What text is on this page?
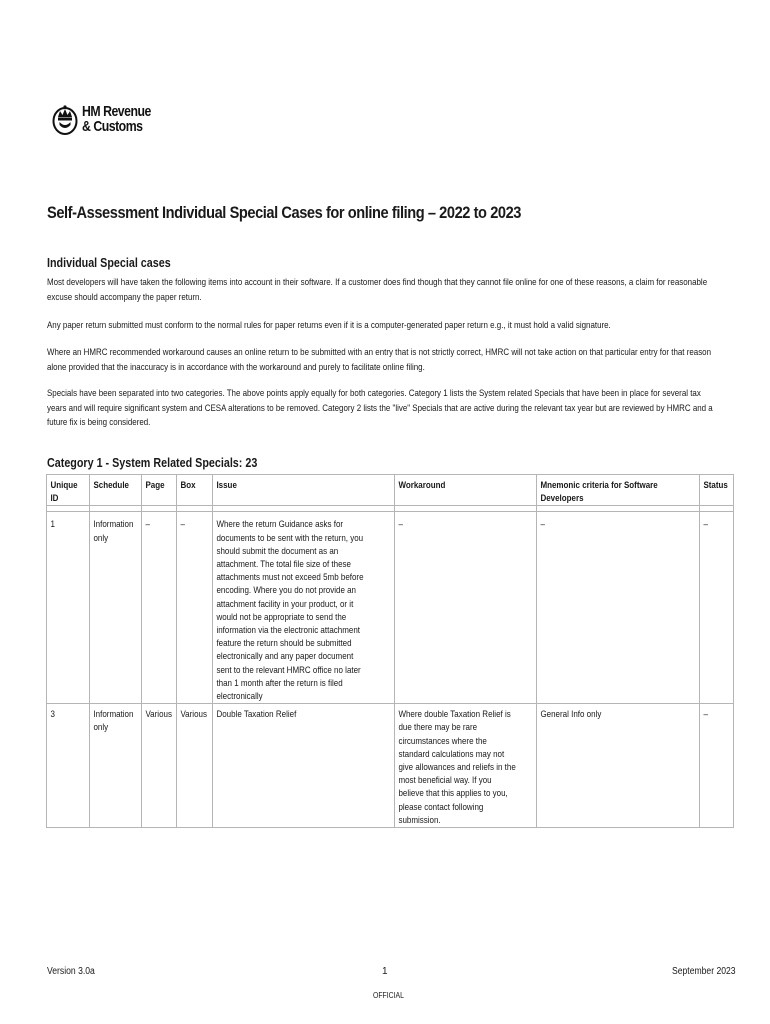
HM Revenue
& Customs
Self-Assessment Individual Special Cases for online filing – 2022 to 2023
Individual Special cases

Most developers will have taken the following items into account in their software. If a customer does find though that they cannot file online for one of these reasons, a claim for reasonable excuse should accompany the paper return.

Any paper return submitted must conform to the normal rules for paper returns even if it is a computer-generated paper return e.g., it must hold a valid signature.

Where an HMRC recommended workaround causes an online return to be submitted with an entry that is not strictly correct, HMRC will not take action on that particular entry for that reason alone provided that the inaccuracy is in accordance with the workaround and purely to facilitate online filing.

Specials have been separated into two categories. The above points apply equally for both categories. Category 1 lists the System related Specials that have been in place for several tax years and will require significant system and CESA alterations to be removed. Category 2 lists the "live" Specials that are active during the relevant tax year but are reviewed by HMRC and a future fix is being considered.

Category 1 - System Related Specials: 23
Unique ID	Schedule	Page	Box	Issue	Workaround	Mnemonic criteria for Software Developers	Status

1	Information only	–	–	Where the return Guidance asks for documents to be sent with the return, you should submit the document as an attachment. The total file size of these attachments must not exceed 5mb before encoding. Where you do not provide an attachment facility in your product, or it would not be appropriate to send the information via the electronic attachment feature the return should be submitted electronically and any paper document sent to the relevant HMRC office no later than 1 month after the return is filed electronically	–	–	–

3	Information only	Various	Various	Double Taxation Relief	Where double Taxation Relief is due there may be rare circumstances where the standard calculations may not give allowances and reliefs in the most beneficial way. If you believe that this applies to you, please contact following submission.	General Info only	–
Version 3.0a	1	September 2023
OFFICIAL
